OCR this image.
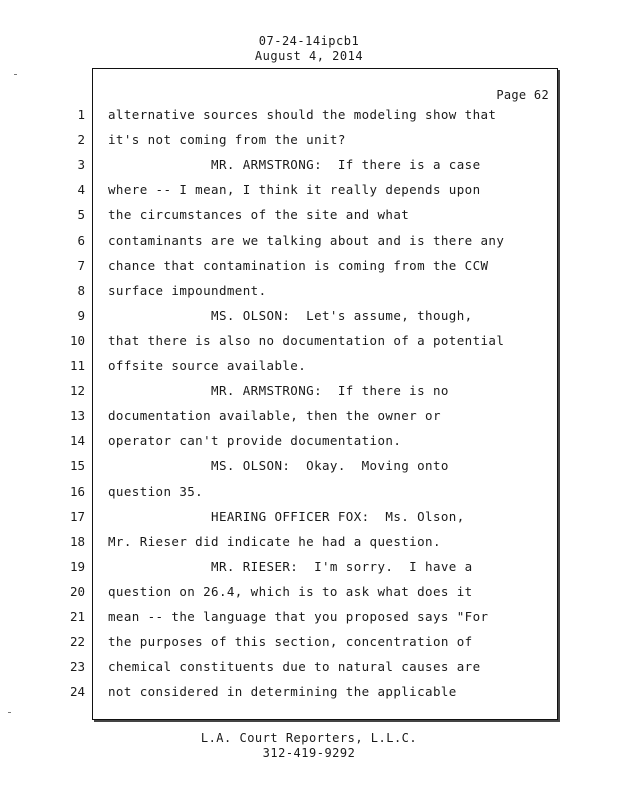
07-24-14ipcb1
August 4, 2014
Page 62
1 alternative sources should the modeling show that
2 it's not coming from the unit?
3 MR. ARMSTRONG:  If there is a case
4 where -- I mean, I think it really depends upon
5 the circumstances of the site and what
6 contaminants are we talking about and is there any
7 chance that contamination is coming from the CCW
8 surface impoundment.
9 MS. OLSON:  Let's assume, though,
10 that there is also no documentation of a potential
11 offsite source available.
12 MR. ARMSTRONG:  If there is no
13 documentation available, then the owner or
14 operator can't provide documentation.
15 MS. OLSON:  Okay.  Moving onto
16 question 35.
17 HEARING OFFICER FOX:  Ms. Olson,
18 Mr. Rieser did indicate he had a question.
19 MR. RIESER:  I'm sorry.  I have a
20 question on 26.4, which is to ask what does it
21 mean -- the language that you proposed says "For
22 the purposes of this section, concentration of
23 chemical constituents due to natural causes are
24 not considered in determining the applicable
L.A. Court Reporters, L.L.C.
312-419-9292
